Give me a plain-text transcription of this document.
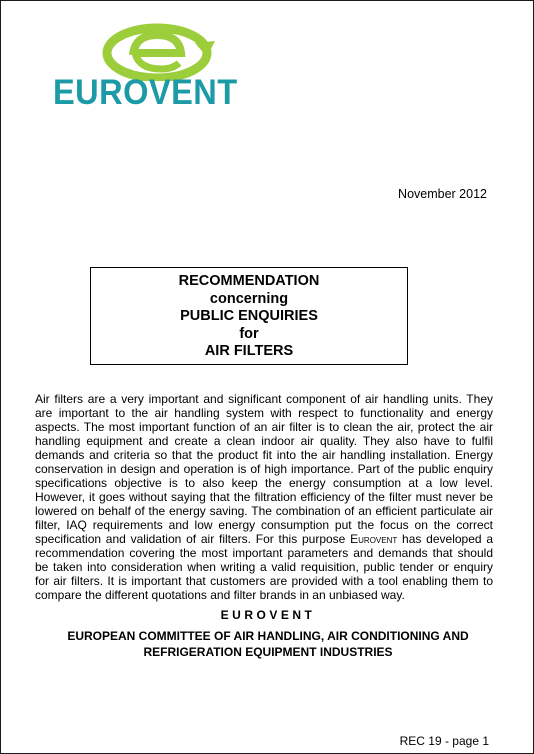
EUROVENT
November 2012
RECOMMENDATION
concerning
PUBLIC ENQUIRIES
for
AIR FILTERS
Air filters are a very important and significant component of air handling units. They are important to the air handling system with respect to functionality and energy aspects. The most important function of an air filter is to clean the air, protect the air handling equipment and create a clean indoor air quality. They also have to fulfil demands and criteria so that the product fit into the air handling installation. Energy conservation in design and operation is of high importance. Part of the public enquiry specifications objective is to also keep the energy consumption at a low level. However, it goes without saying that the filtration efficiency of the filter must never be lowered on behalf of the energy saving. The combination of an efficient particulate air filter, IAQ requirements and low energy consumption put the focus on the correct specification and validation of air filters. For this purpose Eurovent has developed a recommendation covering the most important parameters and demands that should be taken into consideration when writing a valid requisition, public tender or enquiry for air filters. It is important that customers are provided with a tool enabling them to compare the different quotations and filter brands in an unbiased way.
EUROVENT
EUROPEAN COMMITTEE OF AIR HANDLING, AIR CONDITIONING AND
REFRIGERATION EQUIPMENT INDUSTRIES
REC 19 - page 1
